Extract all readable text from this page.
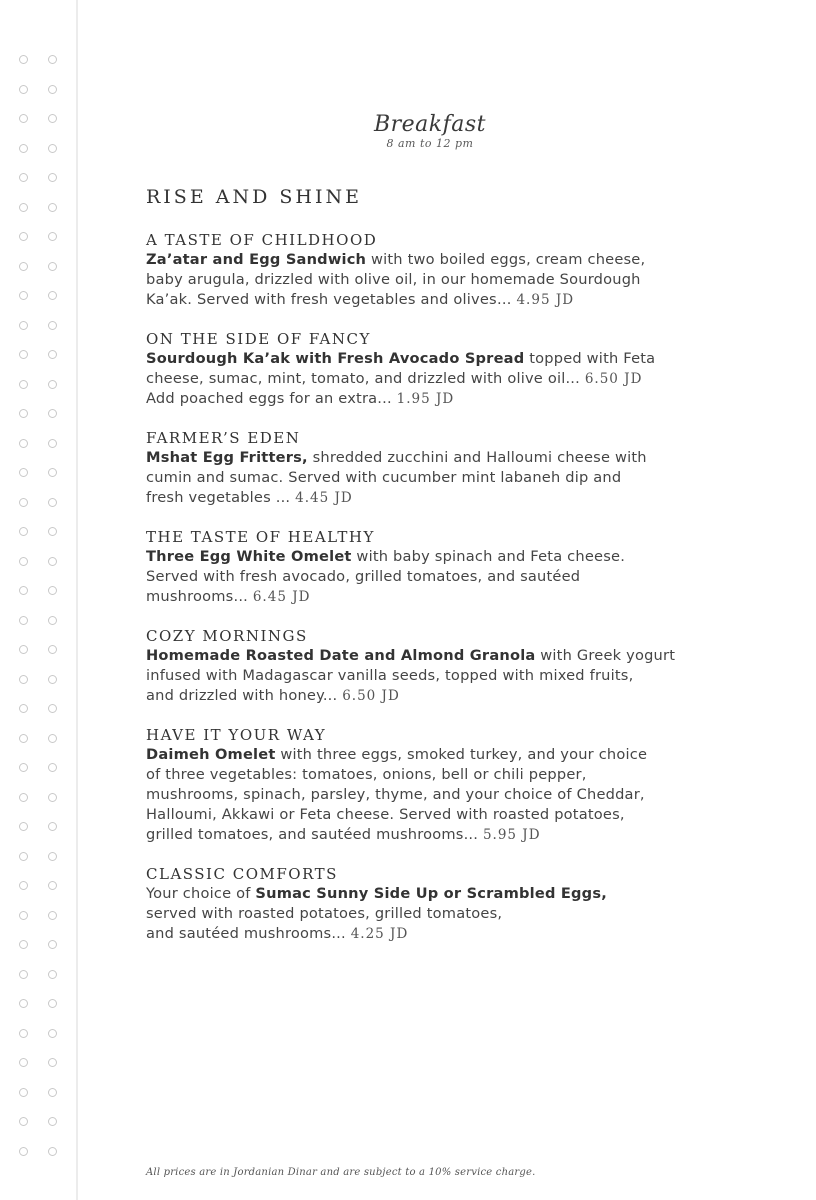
Breakfast
8 am to 12 pm
RISE AND SHINE
A TASTE OF CHILDHOOD
Za’atar and Egg Sandwich with two boiled eggs, cream cheese,
baby arugula, drizzled with olive oil, in our homemade Sourdough
Ka’ak. Served with fresh vegetables and olives… 4.95 JD
ON THE SIDE OF FANCY
Sourdough Ka’ak with Fresh Avocado Spread topped with Feta
cheese, sumac, mint, tomato, and drizzled with olive oil... 6.50 JD
Add poached eggs for an extra... 1.95 JD
FARMER’S EDEN
Mshat Egg Fritters, shredded zucchini and Halloumi cheese with
cumin and sumac. Served with cucumber mint labaneh dip and
fresh vegetables ... 4.45 JD
THE TASTE OF HEALTHY
Three Egg White Omelet with baby spinach and Feta cheese.
Served with fresh avocado, grilled tomatoes, and sautéed
mushrooms... 6.45 JD
COZY MORNINGS
Homemade Roasted Date and Almond Granola with Greek yogurt
infused with Madagascar vanilla seeds, topped with mixed fruits,
and drizzled with honey... 6.50 JD
HAVE IT YOUR WAY
Daimeh Omelet with three eggs, smoked turkey, and your choice
of three vegetables: tomatoes, onions, bell or chili pepper,
mushrooms, spinach, parsley, thyme, and your choice of Cheddar,
Halloumi, Akkawi or Feta cheese. Served with roasted potatoes,
grilled tomatoes, and sautéed mushrooms... 5.95 JD
CLASSIC COMFORTS
Your choice of Sumac Sunny Side Up or Scrambled Eggs,
served with roasted potatoes, grilled tomatoes,
and sautéed mushrooms... 4.25 JD
All prices are in Jordanian Dinar and are subject to a 10% service charge.
